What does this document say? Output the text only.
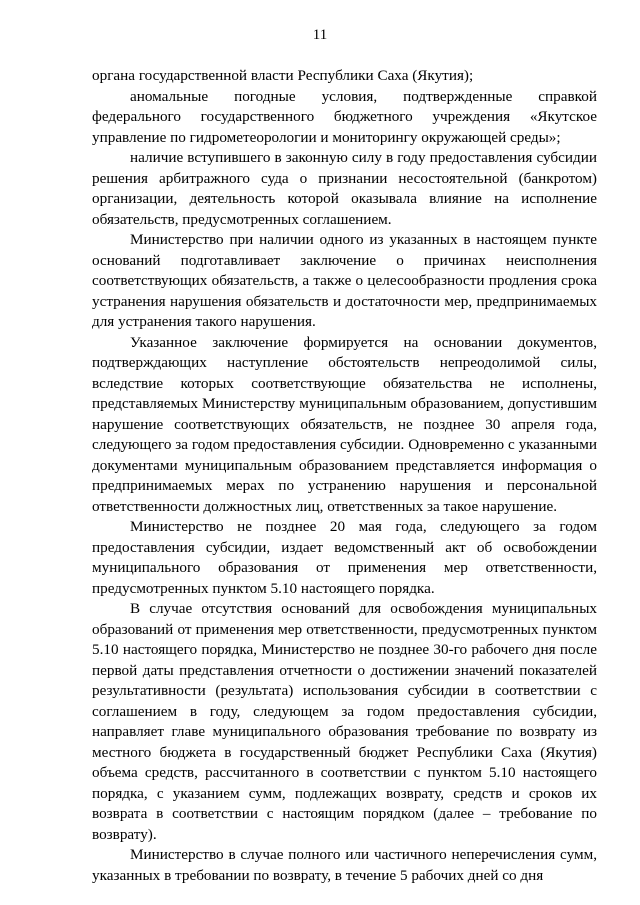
11

органа государственной власти Республики Саха (Якутия);

аномальные погодные условия, подтвержденные справкой федерального государственного бюджетного учреждения «Якутское управление по гидрометеорологии и мониторингу окружающей среды»;

наличие вступившего в законную силу в году предоставления субсидии решения арбитражного суда о признании несостоятельной (банкротом) организации, деятельность которой оказывала влияние на исполнение обязательств, предусмотренных соглашением.

Министерство при наличии одного из указанных в настоящем пункте оснований подготавливает заключение о причинах неисполнения соответствующих обязательств, а также о целесообразности продления срока устранения нарушения обязательств и достаточности мер, предпринимаемых для устранения такого нарушения.

Указанное заключение формируется на основании документов, подтверждающих наступление обстоятельств непреодолимой силы, вследствие которых соответствующие обязательства не исполнены, представляемых Министерству муниципальным образованием, допустившим нарушение соответствующих обязательств, не позднее 30 апреля года, следующего за годом предоставления субсидии. Одновременно с указанными документами муниципальным образованием представляется информация о предпринимаемых мерах по устранению нарушения и персональной ответственности должностных лиц, ответственных за такое нарушение.

Министерство не позднее 20 мая года, следующего за годом предоставления субсидии, издает ведомственный акт об освобождении муниципального образования от применения мер ответственности, предусмотренных пунктом 5.10 настоящего порядка.

В случае отсутствия оснований для освобождения муниципальных образований от применения мер ответственности, предусмотренных пунктом 5.10 настоящего порядка, Министерство не позднее 30-го рабочего дня после первой даты представления отчетности о достижении значений показателей результативности (результата) использования субсидии в соответствии с соглашением в году, следующем за годом предоставления субсидии, направляет главе муниципального образования требование по возврату из местного бюджета в государственный бюджет Республики Саха (Якутия) объема средств, рассчитанного в соответствии с пунктом 5.10 настоящего порядка, с указанием сумм, подлежащих возврату, средств и сроков их возврата в соответствии с настоящим порядком (далее – требование по возврату).

Министерство в случае полного или частичного неперечисления сумм, указанных в требовании по возврату, в течение 5 рабочих дней со дня
